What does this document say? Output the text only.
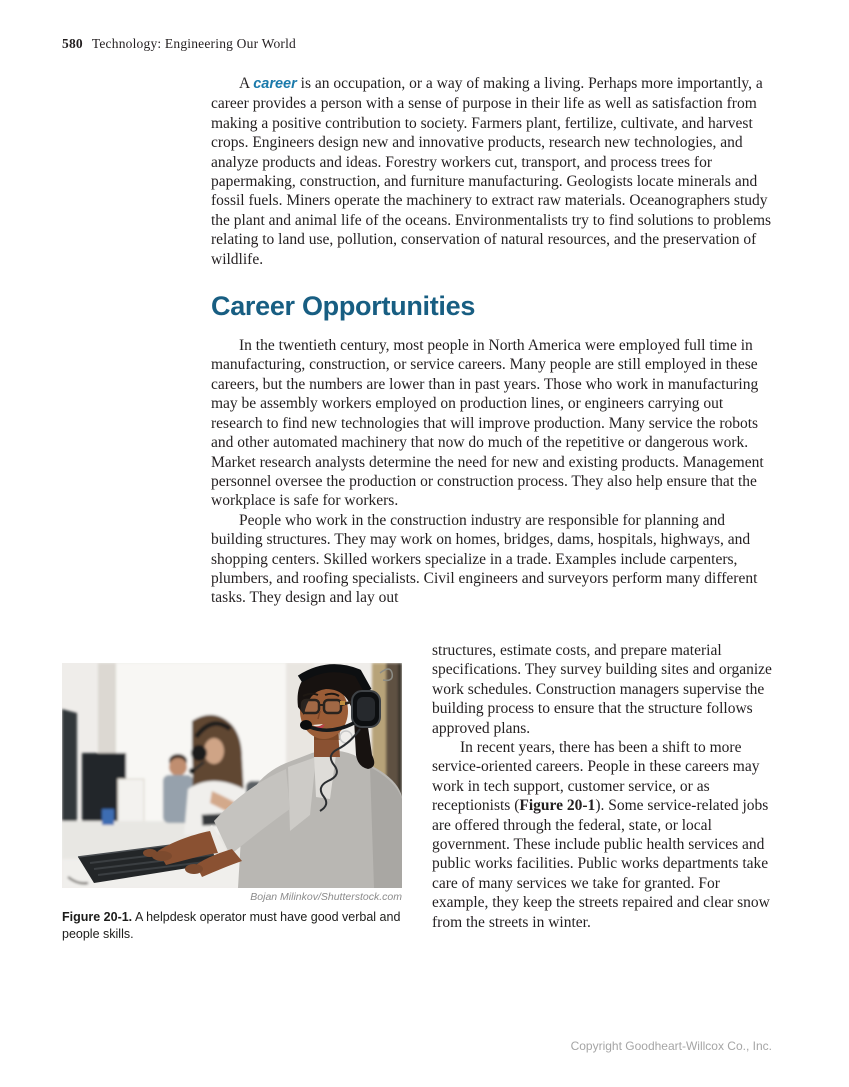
580 Technology: Engineering Our World

A career is an occupation, or a way of making a living. Perhaps more importantly, a career provides a person with a sense of purpose in their life as well as satisfaction from making a positive contribution to society. Farmers plant, fertilize, cultivate, and harvest crops. Engineers design new and innovative products, research new technologies, and analyze products and ideas. Forestry workers cut, transport, and process trees for papermaking, construction, and furniture manufacturing. Geologists locate minerals and fossil fuels. Miners operate the machinery to extract raw materials. Oceanographers study the plant and animal life of the oceans. Environmentalists try to find solutions to problems relating to land use, pollution, conservation of natural resources, and the preservation of wildlife.

Career Opportunities

In the twentieth century, most people in North America were employed full time in manufacturing, construction, or service careers. Many people are still employed in these careers, but the numbers are lower than in past years. Those who work in manufacturing may be assembly workers employed on production lines, or engineers carrying out research to find new technologies that will improve production. Many service the robots and other automated machinery that now do much of the repetitive or dangerous work. Market research analysts determine the need for new and existing products. Management personnel oversee the production or construction process. They also help ensure that the workplace is safe for workers.

People who work in the construction industry are responsible for planning and building structures. They may work on homes, bridges, dams, hospitals, highways, and shopping centers. Skilled workers specialize in a trade. Examples include carpenters, plumbers, and roofing specialists. Civil engineers and surveyors perform many different tasks. They design and lay out

structures, estimate costs, and prepare material specifications. They survey building sites and organize work schedules. Construction managers supervise the building process to ensure that the structure follows approved plans.

In recent years, there has been a shift to more service-oriented careers. People in these careers may work in tech support, customer service, or as receptionists (Figure 20-1). Some service-related jobs are offered through the federal, state, or local government. These include public health services and public works facilities. Public works departments take care of many services we take for granted. For example, they keep the streets repaired and clear snow from the streets in winter.

Bojan Milinkov/Shutterstock.com
Figure 20-1. A helpdesk operator must have good verbal and people skills.
Copyright Goodheart-Willcox Co., Inc.
